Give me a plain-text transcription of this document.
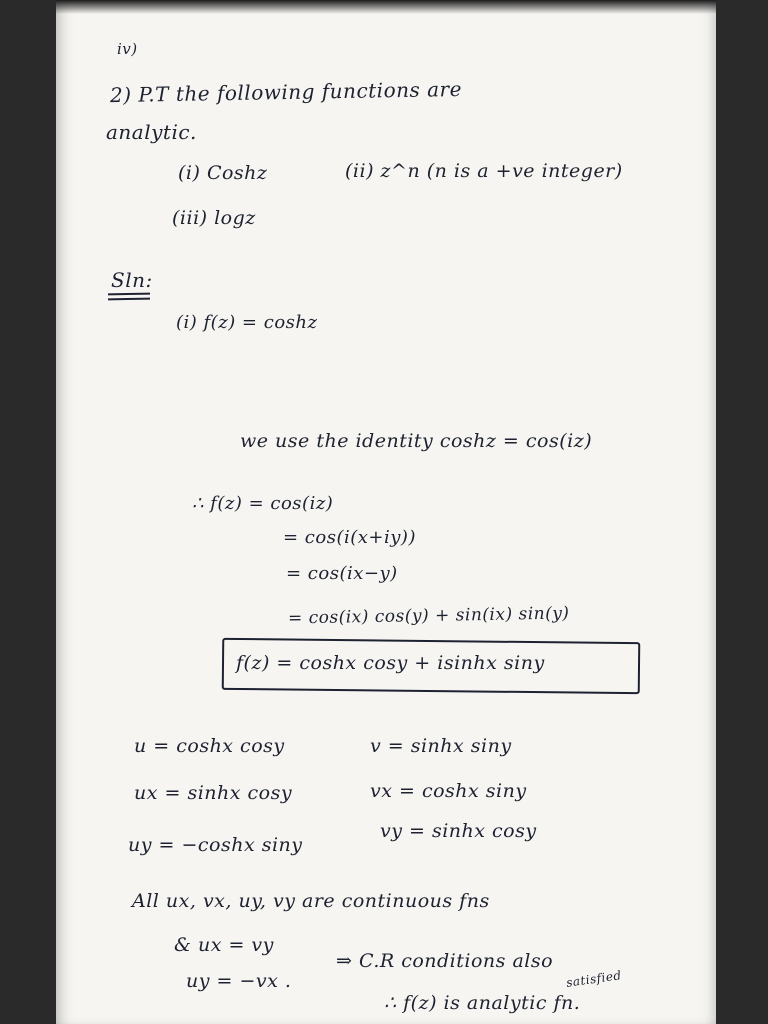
iv)
2) P.T the following functions are
analytic.
(i) Coshz	(ii) z^n (n is a +ve integer)
(iii) logz
Sln:
(i) f(z) = coshz
we use the identity coshz = cos(iz)
∴ f(z) = cos(iz)
= cos(i(x+iy))
= cos(ix−y)
= cos(ix) cos(y) + sin(ix) sin(y)
f(z) = coshx cosy + isinhx siny
u = coshx cosy	v = sinhx siny
ux = sinhx cosy	vx = coshx siny
uy = −coshx siny
vy = sinhx cosy
All ux, vx, uy, vy are continuous fns
& ux = vy
uy = −vx .
⇒ C.R conditions also
satisfied
∴ f(z) is analytic fn.
